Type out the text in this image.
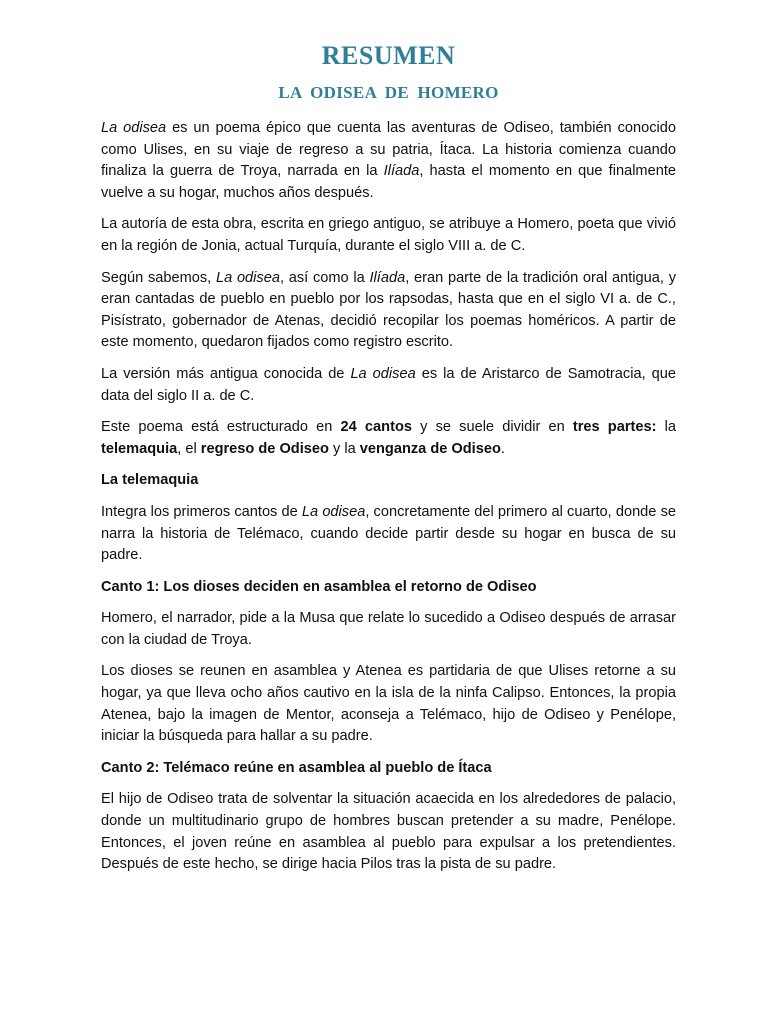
RESUMEN
LA ODISEA DE HOMERO

La odisea es un poema épico que cuenta las aventuras de Odiseo, también conocido como Ulises, en su viaje de regreso a su patria, Ítaca. La historia comienza cuando finaliza la guerra de Troya, narrada en la Ilíada, hasta el momento en que finalmente vuelve a su hogar, muchos años después.

La autoría de esta obra, escrita en griego antiguo, se atribuye a Homero, poeta que vivió en la región de Jonia, actual Turquía, durante el siglo VIII a. de C.

Según sabemos, La odisea, así como la Ilíada, eran parte de la tradición oral antigua, y eran cantadas de pueblo en pueblo por los rapsodas, hasta que en el siglo VI a. de C., Pisístrato, gobernador de Atenas, decidió recopilar los poemas homéricos. A partir de este momento, quedaron fijados como registro escrito.

La versión más antigua conocida de La odisea es la de Aristarco de Samotracia, que data del siglo II a. de C.

Este poema está estructurado en 24 cantos y se suele dividir en tres partes: la telemaquia, el regreso de Odiseo y la venganza de Odiseo.

La telemaquia

Integra los primeros cantos de La odisea, concretamente del primero al cuarto, donde se narra la historia de Telémaco, cuando decide partir desde su hogar en busca de su padre.

Canto 1: Los dioses deciden en asamblea el retorno de Odiseo

Homero, el narrador, pide a la Musa que relate lo sucedido a Odiseo después de arrasar con la ciudad de Troya.

Los dioses se reunen en asamblea y Atenea es partidaria de que Ulises retorne a su hogar, ya que lleva ocho años cautivo en la isla de la ninfa Calipso. Entonces, la propia Atenea, bajo la imagen de Mentor, aconseja a Telémaco, hijo de Odiseo y Penélope, iniciar la búsqueda para hallar a su padre.

Canto 2: Telémaco reúne en asamblea al pueblo de Ítaca

El hijo de Odiseo trata de solventar la situación acaecida en los alrededores de palacio, donde un multitudinario grupo de hombres buscan pretender a su madre, Penélope. Entonces, el joven reúne en asamblea al pueblo para expulsar a los pretendientes. Después de este hecho, se dirige hacia Pilos tras la pista de su padre.
